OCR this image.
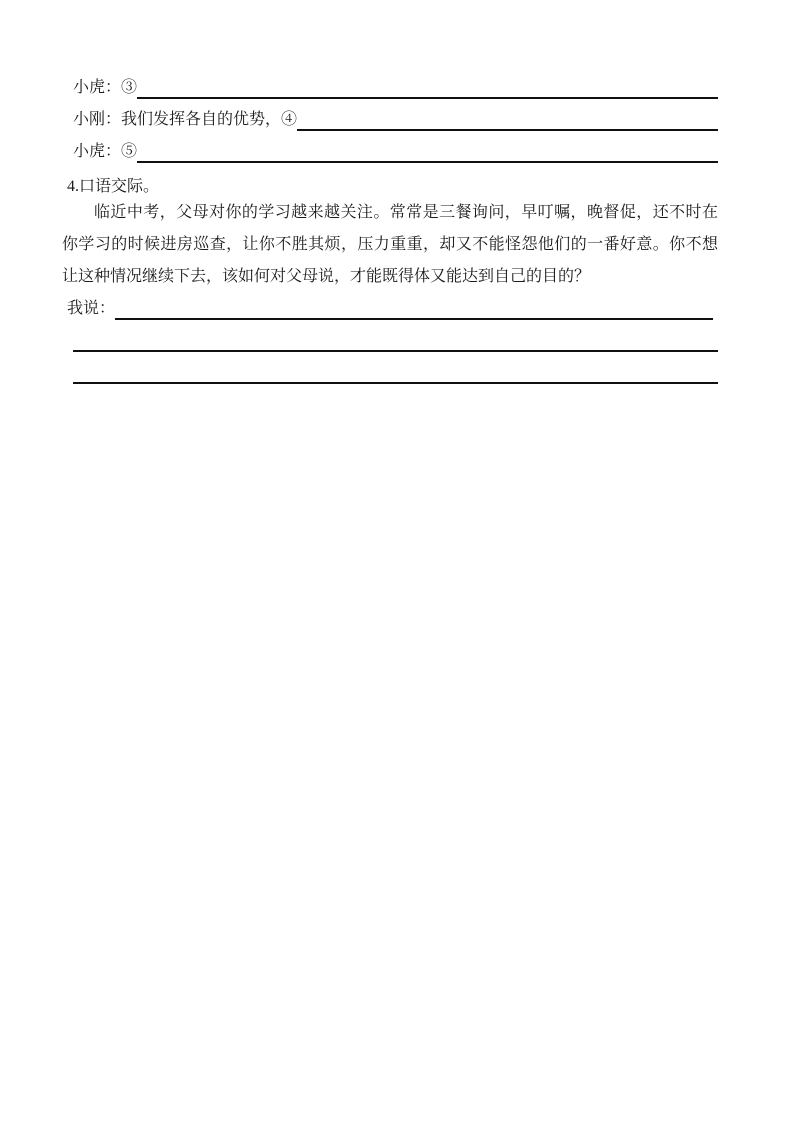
小虎：③
小刚：我们发挥各自的优势，④
小虎：⑤
4.口语交际。
临近中考，父母对你的学习越来越关注。常常是三餐询问，早叮嘱，晚督促，还不时在
你学习的时候进房巡查，让你不胜其烦，压力重重，却又不能怪怨他们的一番好意。你不想
让这种情况继续下去，该如何对父母说，才能既得体又能达到自己的目的？
我说：
